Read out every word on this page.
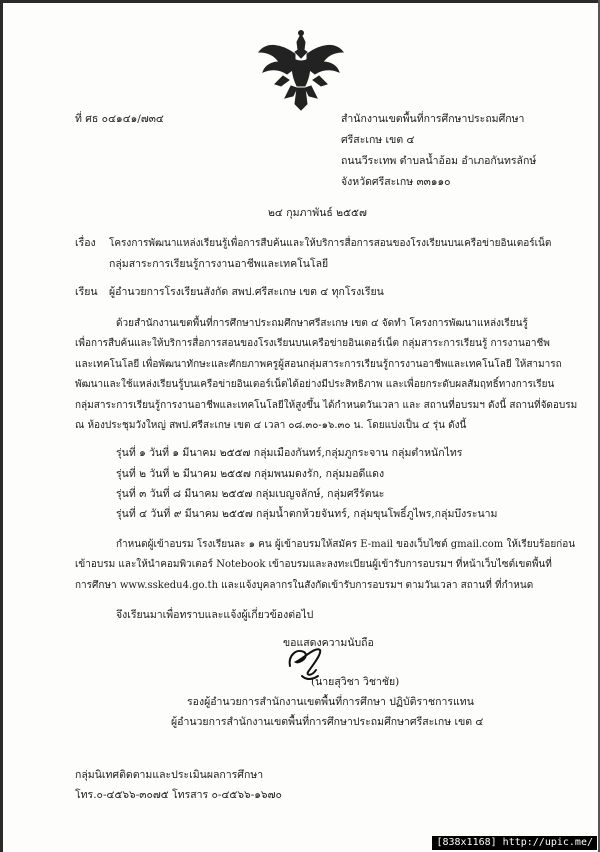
ที่ ศธ ๐๔๑๔๑/๗๓๔	สำนักงานเขตพื้นที่การศึกษาประถมศึกษา
ศรีสะเกษ เขต ๔
ถนนวีระเทพ ตำบลน้ำอ้อม อำเภอกันทรลักษ์
จังหวัดศรีสะเกษ ๓๓๑๑๐
๒๔ กุมภาพันธ์ ๒๕๕๗
เรื่อง โครงการพัฒนาแหล่งเรียนรู้เพื่อการสืบค้นและให้บริการสื่อการสอนของโรงเรียนบนเครือข่ายอินเตอร์เน็ต
กลุ่มสาระการเรียนรู้การงานอาชีพและเทคโนโลยี
เรียน ผู้อำนวยการโรงเรียนสังกัด สพป.ศรีสะเกษ เขต ๔ ทุกโรงเรียน
ด้วยสำนักงานเขตพื้นที่การศึกษาประถมศึกษาศรีสะเกษ เขต ๔ จัดทำ โครงการพัฒนาแหล่งเรียนรู้
เพื่อการสืบค้นและให้บริการสื่อการสอนของโรงเรียนบนเครือข่ายอินเตอร์เน็ต กลุ่มสาระการเรียนรู้ การงานอาชีพ
และเทคโนโลยี เพื่อพัฒนาทักษะและศักยภาพครูผู้สอนกลุ่มสาระการเรียนรู้การงานอาชีพและเทคโนโลยี ให้สามารถ
พัฒนาและใช้แหล่งเรียนรู้บนเครือข่ายอินเตอร์เน็ตได้อย่างมีประสิทธิภาพ และเพื่อยกระดับผลสัมฤทธิ์ทางการเรียน
กลุ่มสาระการเรียนรู้การงานอาชีพและเทคโนโลยีให้สูงขึ้น ได้กำหนดวันเวลา และ สถานที่อบรมฯ ดังนี้ สถานที่จัดอบรม
ณ ห้องประชุมวังใหญ่ สพป.ศรีสะเกษ เขต ๔ เวลา ๐๘.๓๐-๑๖.๓๐ น. โดยแบ่งเป็น ๔ รุ่น ดังนี้
รุ่นที่ ๑ วันที่ ๑ มีนาคม ๒๕๕๗ กลุ่มเมืองกันทร์,กลุ่มภูกระจาน กลุ่มตำหนักไทร
รุ่นที่ ๒ วันที่ ๒ มีนาคม ๒๕๕๗ กลุ่มพนมดงรัก, กลุ่มมอดีแดง
รุ่นที่ ๓ วันที่ ๘ มีนาคม ๒๕๕๗ กลุ่มเบญจลักษ์, กลุ่มศรีรัตนะ
รุ่นที่ ๔ วันที่ ๙ มีนาคม ๒๕๕๗ กลุ่มน้ำตกห้วยจันทร์, กลุ่มขุนโพธิ์ภูไพร,กลุ่มบึงระนาม
กำหนดผู้เข้าอบรม โรงเรียนละ ๑ คน ผู้เข้าอบรมให้สมัคร E-mail ของเว็บไซต์ gmail.com ให้เรียบร้อยก่อน
เข้าอบรม และให้นำคอมพิวเตอร์ Notebook เข้าอบรมและลงทะเบียนผู้เข้ารับการอบรมฯ ที่หน้าเว็บไซต์เขตพื้นที่
การศึกษา www.sskedu4.go.th และแจ้งบุคลากรในสังกัดเข้ารับการอบรมฯ ตามวันเวลา สถานที่ ที่กำหนด
จึงเรียนมาเพื่อทราบและแจ้งผู้เกี่ยวข้องต่อไป
ขอแสดงความนับถือ
(นายสุวิชา วิชาชัย)
รองผู้อำนวยการสำนักงานเขตพื้นที่การศึกษา ปฏิบัติราชการแทน
ผู้อำนวยการสำนักงานเขตพื้นที่การศึกษาประถมศึกษาศรีสะเกษ เขต ๔
กลุ่มนิเทศติดตามและประเมินผลการศึกษา
โทร.๐-๔๕๖๖-๓๐๗๕ โทรสาร ๐-๔๕๖๖-๑๖๗๐
[838x1168] http://upic.me/
